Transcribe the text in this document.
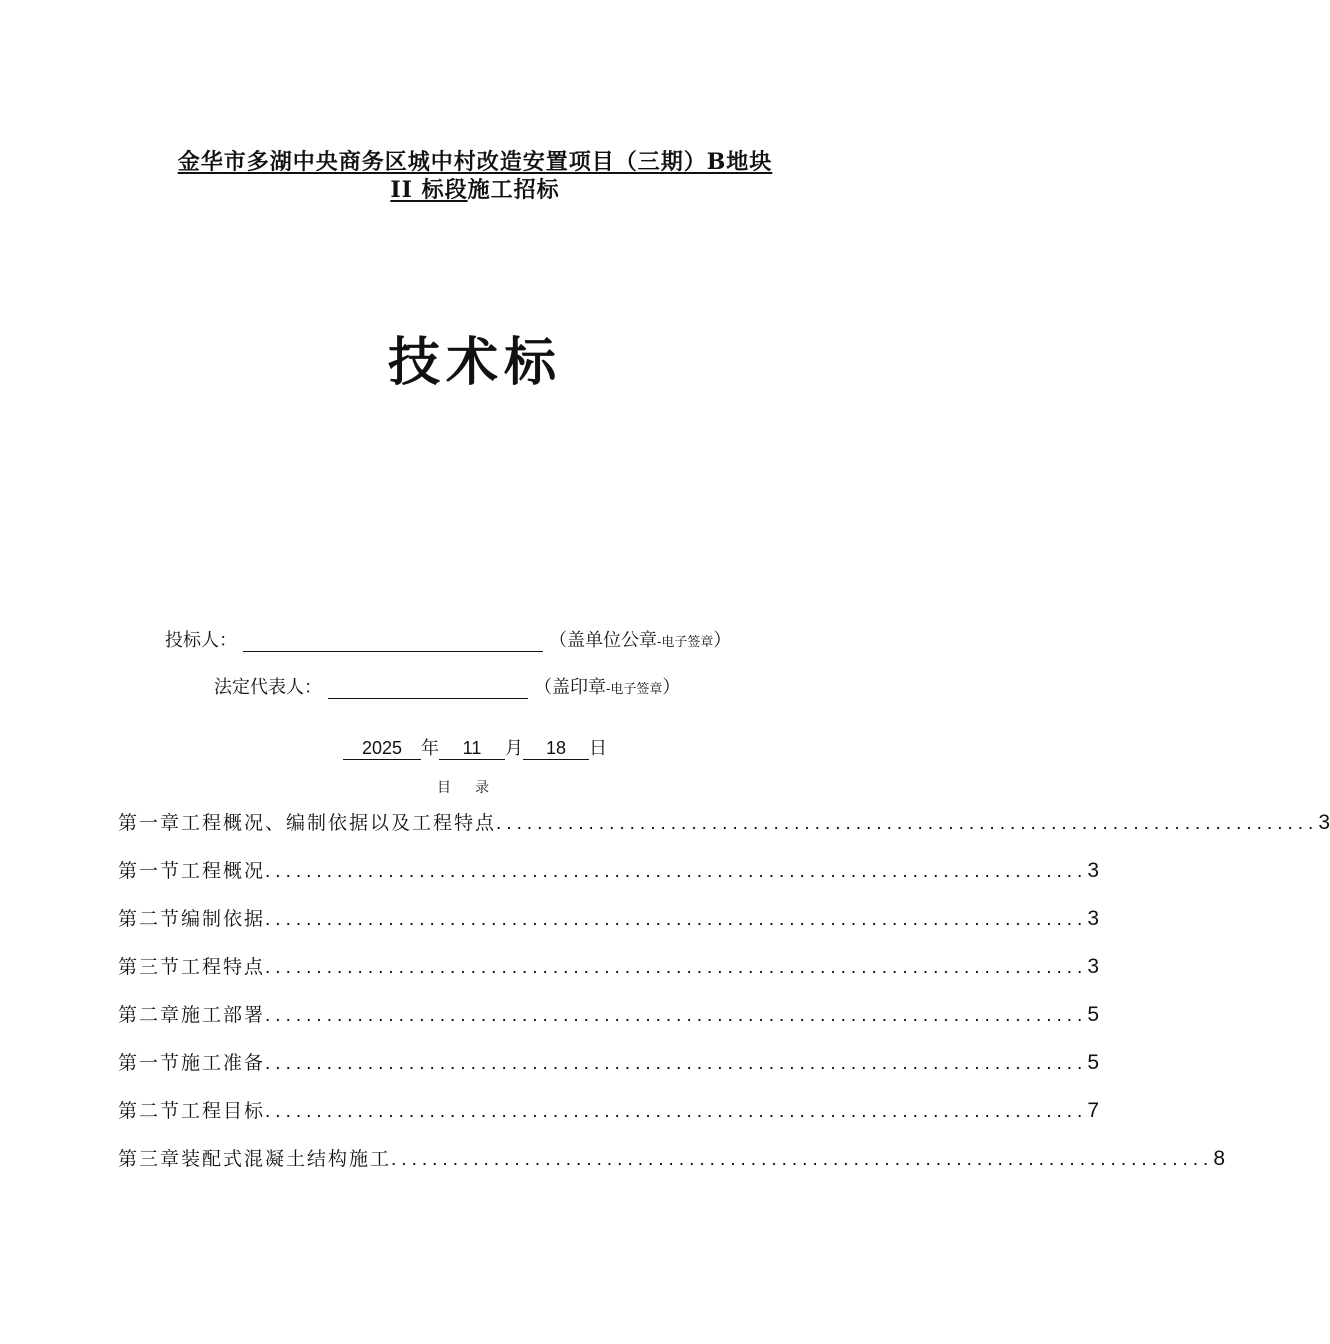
金华市多湖中央商务区城中村改造安置项目（三期）B地块
II 标段施工招标
技术标
投标人：	（盖单位公章-电子签章）
法定代表人：	（盖印章-电子签章）
2025 年 11 月 18 日
目录
第一章 工程概况、编制依据以及工程特点 ................................................................................ 3
第一节 工程概况 ................................................................................ 3
第二节 编制依据 ................................................................................ 3
第三节 工程特点 ................................................................................ 3
第二章 施工部署 ................................................................................ 5
第一节 施工准备 ................................................................................ 5
第二节 工程目标 ................................................................................ 7
第三章 装配式混凝土结构施工 ................................................................................ 8
